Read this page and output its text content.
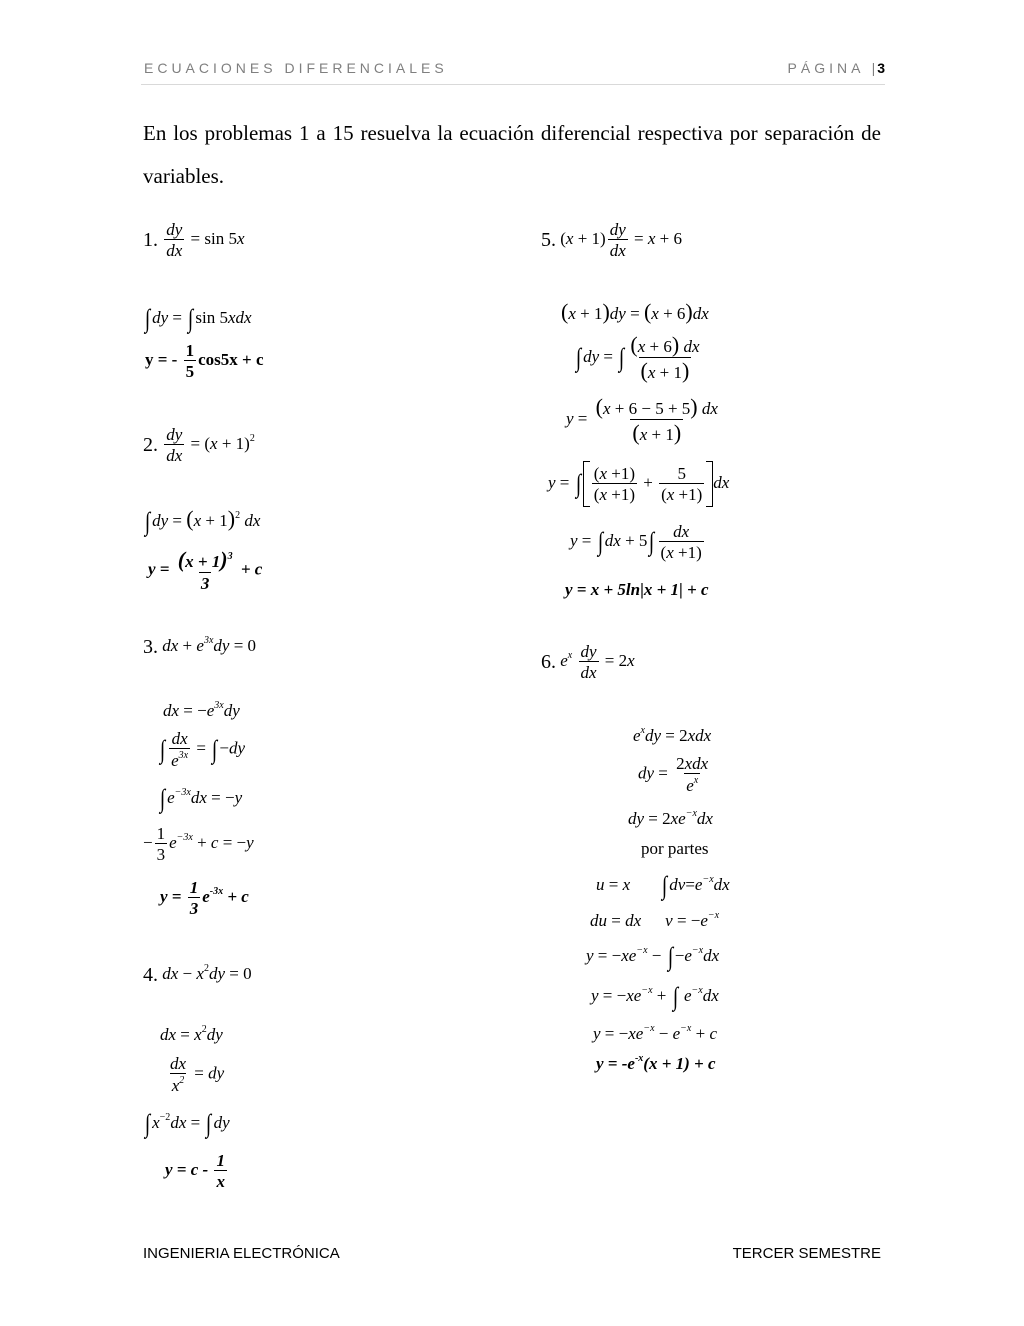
ECUACIONES DIFERENCIALES	PÁGINA |3
En los problemas 1 a 15 resuelva la ecuación diferencial respectiva por separación de variables.
1. $\frac{dy}{dx} = \sin 5x$
∫ dy = ∫ sin 5xdx
y = - $\frac{1}{5} \cos 5x + c$
2. $\frac{dy}{dx} = (x + 1)^2$
∫ dy = $(x + 1)^2$ dx
$y = \frac{(x + 1)^3}{3} + c$
3. dx + $e^{3x}dy = 0$
dx = $-e^{3x}dy$
∫ $\frac{dx}{e^{3x}}$ = ∫ −dy
∫ $e^{-3x}dx = -y$
− $\frac{1}{3} e^{-3x} + c = -y$
$y = \frac{1}{3} e^{-3x} + c$
4. dx − $x^2dy = 0$
dx = $x^2dy$
$\frac{dx}{x^2}$ = dy
∫ $x^{-2}dx$ = ∫ dy
$y = c - \frac{1}{x}$
5. $(x + 1) \frac{dy}{dx} = x + 6$
(x + 1)dy = (x + 6)dx
∫ dy = ∫ $\frac{(x + 6) dx}{(x + 1)}$
$y = \frac{(x + 6 - 5 + 5) dx}{(x + 1)}$
y = ∫ $\frac{(x +1)}{(x +1)} + \frac{5}{(x +1)}$ dx
y = ∫ dx + $5\int \frac{dx}{(x +1)}$
y = x + 5ln|x + 1| + c
6. $e^x \frac{dy}{dx} = 2x$
$e^xdy = 2xdx$
dy = $\frac{\text{2xdx}}{e^x}$
dy = $2xe^{-x}dx$
por partes
u = x ∫ $dv=e^{-x}dx$
du = dx $v = -e^{-x}$
$y = -xe^{-x}$ − ∫ $-e^{-x}dx$
$y = -xe^{-x}$ + ∫ $e^{-x}dx$
$y = -xe^{-x} - e^{-x} + c$
$y = -e^{-x}(x + 1) + c$
INGENIERIA ELECTRÓNICA	TERCER SEMESTRE
